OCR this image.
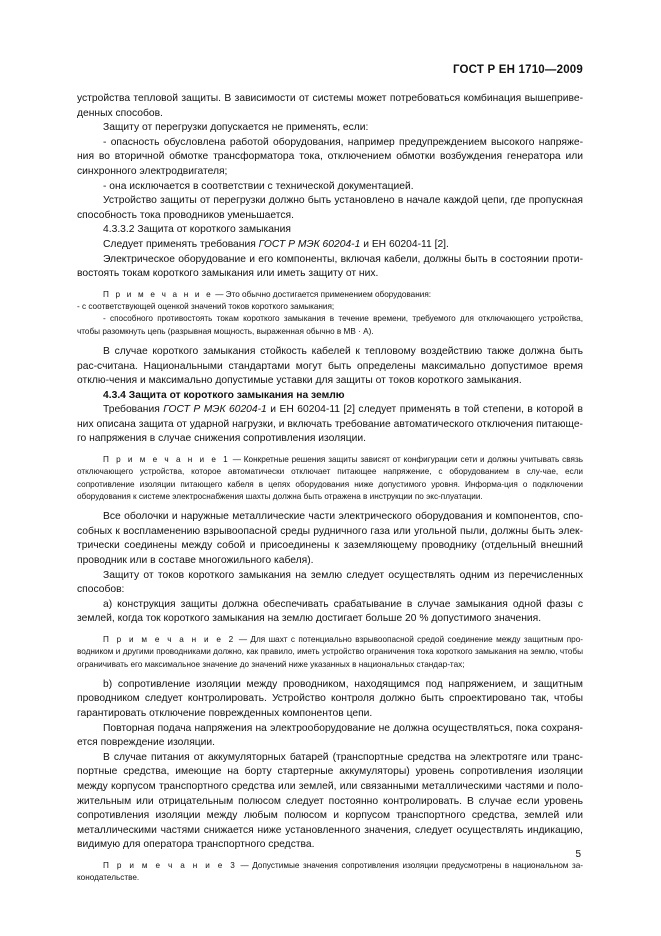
ГОСТ Р ЕН 1710—2009

устройства тепловой защиты. В зависимости от системы может потребоваться комбинация вышеприве-денных способов.

Защиту от перегрузки допускается не применять, если:

- опасность обусловлена работой оборудования, например предупреждением высокого напряже-ния во вторичной обмотке трансформатора тока, отключением обмотки возбуждения генератора или синхронного электродвигателя;

- она исключается в соответствии с технической документацией.

Устройство защиты от перегрузки должно быть установлено в начале каждой цепи, где пропускная способность тока проводников уменьшается.

4.3.3.2 Защита от короткого замыкания

Следует применять требования ГОСТ Р МЭК 60204-1 и ЕН 60204-11 [2].

Электрическое оборудование и его компоненты, включая кабели, должны быть в состоянии проти-востоять токам короткого замыкания или иметь защиту от них.

П р и м е ч а н и е — Это обычно достигается применением оборудования:

- с соответствующей оценкой значений токов короткого замыкания;

- способного противостоять токам короткого замыкания в течение времени, требуемого для отключающего устройства, чтобы разомкнуть цепь (разрывная мощность, выраженная обычно в МВ · А).

В случае короткого замыкания стойкость кабелей к тепловому воздействию также должна быть рас-считана. Национальными стандартами могут быть определены максимально допустимое время отклю-чения и максимально допустимые уставки для защиты от токов короткого замыкания.

4.3.4 Защита от короткого замыкания на землю

Требования ГОСТ Р МЭК 60204-1 и ЕН 60204-11 [2] следует применять в той степени, в которой в них описана защита от ударной нагрузки, и включать требование автоматического отключения питающе-го напряжения в случае снижения сопротивления изоляции.

П р и м е ч а н и е 1 — Конкретные решения защиты зависят от конфигурации сети и должны учитывать связь отключающего устройства, которое автоматически отключает питающее напряжение, с оборудованием в слу-чае, если сопротивление изоляции питающего кабеля в цепях оборудования ниже допустимого уровня. Информа-ция о подключении оборудования к системе электроснабжения шахты должна быть отражена в инструкции по экс-плуатации.

Все оболочки и наружные металлические части электрического оборудования и компонентов, спо-собных к воспламенению взрывоопасной среды рудничного газа или угольной пыли, должны быть элек-трически соединены между собой и присоединены к заземляющему проводнику (отдельный внешний проводник или в составе многожильного кабеля).

Защиту от токов короткого замыкания на землю следует осуществлять одним из перечисленных способов:

а) конструкция защиты должна обеспечивать срабатывание в случае замыкания одной фазы с землей, когда ток короткого замыкания на землю достигает больше 20 % допустимого значения.

П р и м е ч а н и е 2 — Для шахт с потенциально взрывоопасной средой соединение между защитным про-водником и другими проводниками должно, как правило, иметь устройство ограничения тока короткого замыкания на землю, чтобы ограничивать его максимальное значение до значений ниже указанных в национальных стандар-тах;

b) сопротивление изоляции между проводником, находящимся под напряжением, и защитным проводником следует контролировать. Устройство контроля должно быть спроектировано так, чтобы гарантировать отключение поврежденных компонентов цепи.

Повторная подача напряжения на электрооборудование не должна осуществляться, пока сохраня-ется повреждение изоляции.

В случае питания от аккумуляторных батарей (транспортные средства на электротяге или транс-портные средства, имеющие на борту стартерные аккумуляторы) уровень сопротивления изоляции между корпусом транспортного средства или землей, или связанными металлическими частями и поло-жительным или отрицательным полюсом следует постоянно контролировать. В случае если уровень сопротивления изоляции между любым полюсом и корпусом транспортного средства, землей или металлическими частями снижается ниже установленного значения, следует осуществлять индикацию, видимую для оператора транспортного средства.

П р и м е ч а н и е 3 — Допустимые значения сопротивления изоляции предусмотрены в национальном за-конодательстве.

5
